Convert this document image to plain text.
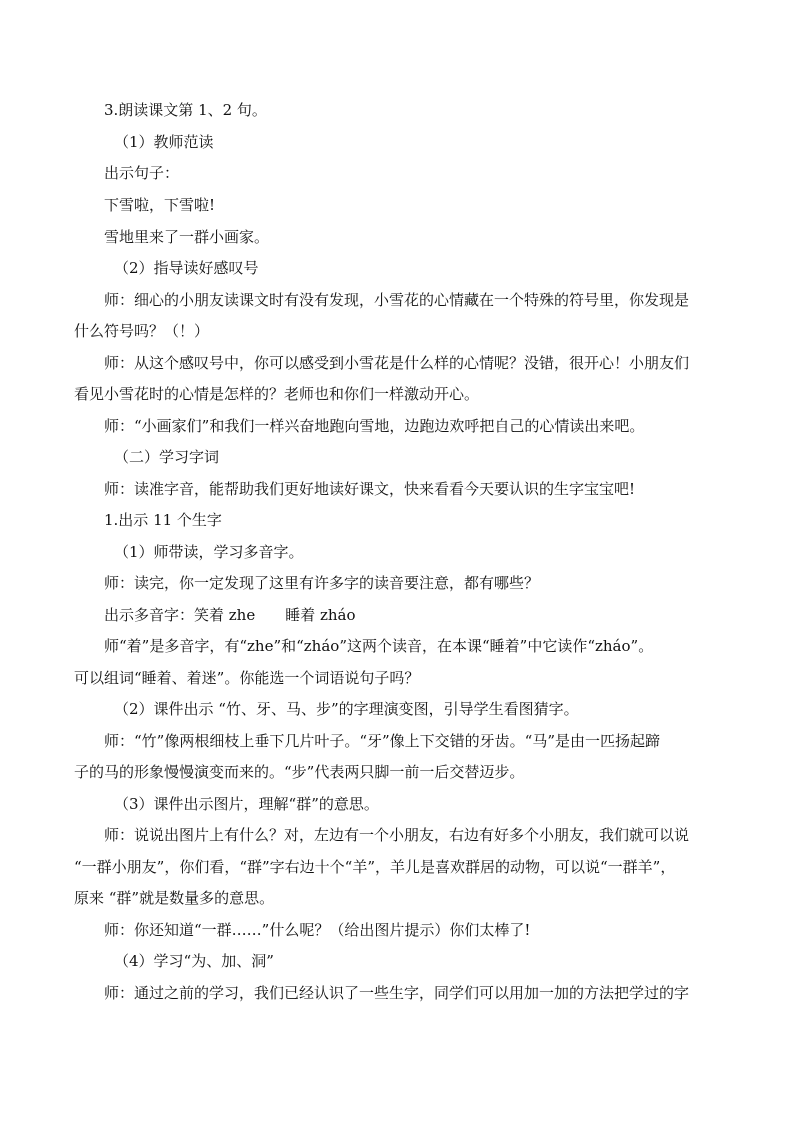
3.朗读课文第 1、2 句。
（1）教师范读
出示句子：
下雪啦，下雪啦!
雪地里来了一群小画家。
（2）指导读好感叹号
师：细心的小朋友读课文时有没有发现，小雪花的心情藏在一个特殊的符号里，你发现是
什么符号吗？（！）
师：从这个感叹号中，你可以感受到小雪花是什么样的心情呢？没错，很开心！小朋友们
看见小雪花时的心情是怎样的？老师也和你们一样激动开心。
师：“小画家们”和我们一样兴奋地跑向雪地，边跑边欢呼把自己的心情读出来吧。
（二）学习字词
师：读准字音，能帮助我们更好地读好课文，快来看看今天要认识的生字宝宝吧!
1.出示 11 个生字
（1）师带读，学习多音字。
师：读完，你一定发现了这里有许多字的读音要注意，都有哪些？
出示多音字：笑着 zhe　　睡着 zháo
师“着”是多音字，有“zhe”和“zháo”这两个读音，在本课“睡着”中它读作“zháo”。
可以组词“睡着、着迷”。你能选一个词语说句子吗？
（2）课件出示 “竹、牙、马、步”的字理演变图，引导学生看图猜字。
师：“竹”像两根细枝上垂下几片叶子。“牙”像上下交错的牙齿。“马”是由一匹扬起蹄
子的马的形象慢慢演变而来的。“步”代表两只脚一前一后交替迈步。
（3）课件出示图片，理解“群”的意思。
师：说说出图片上有什么？对，左边有一个小朋友，右边有好多个小朋友，我们就可以说
“一群小朋友”，你们看，“群”字右边十个“羊”，羊儿是喜欢群居的动物，可以说“一群羊”，
原来 “群”就是数量多的意思。
师：你还知道“一群……”什么呢？（给出图片提示）你们太棒了!
（4）学习“为、加、洞”
师：通过之前的学习，我们已经认识了一些生字，同学们可以用加一加的方法把学过的字
